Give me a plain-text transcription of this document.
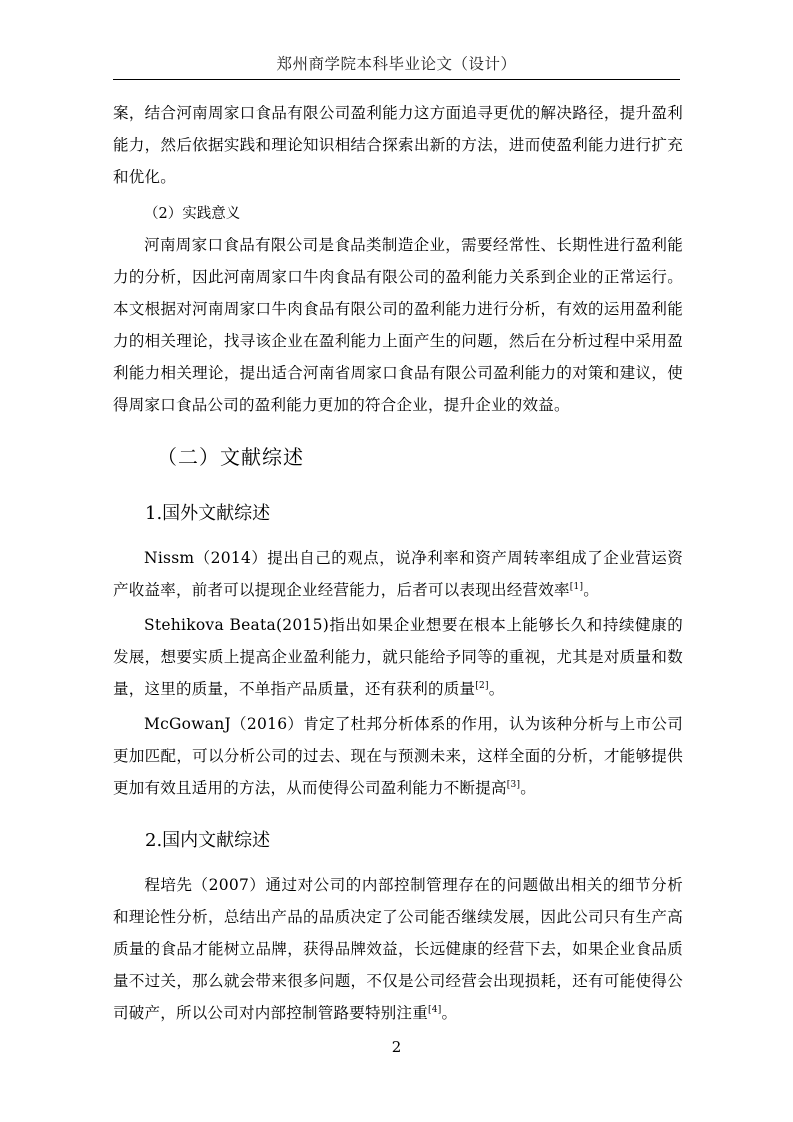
郑州商学院本科毕业论文（设计）
案，结合河南周家口食品有限公司盈利能力这方面追寻更优的解决路径，提升盈利能力，然后依据实践和理论知识相结合探索出新的方法，进而使盈利能力进行扩充和优化。
（2）实践意义
河南周家口食品有限公司是食品类制造企业，需要经常性、长期性进行盈利能力的分析，因此河南周家口牛肉食品有限公司的盈利能力关系到企业的正常运行。本文根据对河南周家口牛肉食品有限公司的盈利能力进行分析，有效的运用盈利能力的相关理论，找寻该企业在盈利能力上面产生的问题，然后在分析过程中采用盈利能力相关理论，提出适合河南省周家口食品有限公司盈利能力的对策和建议，使得周家口食品公司的盈利能力更加的符合企业，提升企业的效益。
（二）文献综述
1.国外文献综述
Nissm（2014）提出自己的观点，说净利率和资产周转率组成了企业营运资产收益率，前者可以提现企业经营能力，后者可以表现出经营效率[1]。
Stehikova Beata(2015)指出如果企业想要在根本上能够长久和持续健康的发展，想要实质上提高企业盈利能力，就只能给予同等的重视，尤其是对质量和数量，这里的质量，不单指产品质量，还有获利的质量[2]。
McGowanJ（2016）肯定了杜邦分析体系的作用，认为该种分析与上市公司更加匹配，可以分析公司的过去、现在与预测未来，这样全面的分析，才能够提供更加有效且适用的方法，从而使得公司盈利能力不断提高[3]。
2.国内文献综述
程培先（2007）通过对公司的内部控制管理存在的问题做出相关的细节分析和理论性分析，总结出产品的品质决定了公司能否继续发展，因此公司只有生产高质量的食品才能树立品牌，获得品牌效益，长远健康的经营下去，如果企业食品质量不过关，那么就会带来很多问题，不仅是公司经营会出现损耗，还有可能使得公司破产，所以公司对内部控制管路要特别注重[4]。
2
